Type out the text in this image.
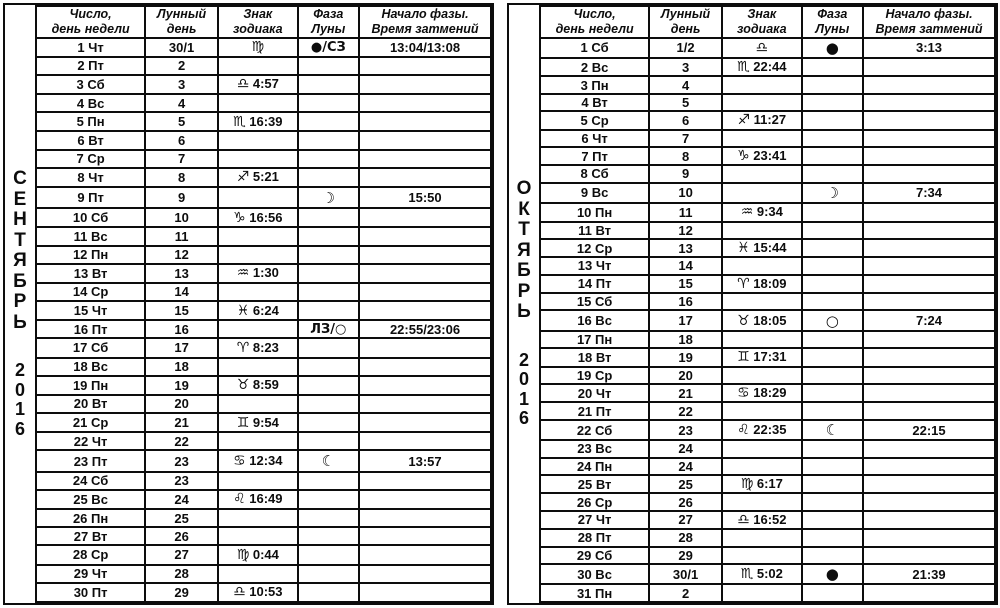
С
Е
Н
Т
Я
Б
Р
Ь
2
0
1
6
Число,
день недели

Лунный
день

Знак
зодиака

Фаза
Луны

Начало фазы.
Время затмений

1 Чт	30/1	♍	●/СЗ	13:04/13:08
2 Пт	2			
3 Сб	3	♎ 4:57		
4 Вс	4			
5 Пн	5	♏ 16:39		
6 Вт	6			
7 Ср	7			
8 Чт	8	♐ 5:21		
9 Пт	9		☽	15:50
10 Сб	10	♑ 16:56		
11 Вс	11			
12 Пн	12			
13 Вт	13	♒ 1:30		
14 Ср	14			
15 Чт	15	♓ 6:24		
16 Пт	16		ЛЗ/○	22:55/23:06
17 Сб	17	♈ 8:23		
18 Вс	18			
19 Пн	19	♉ 8:59		
20 Вт	20			
21 Ср	21	♊ 9:54		
22 Чт	22			
23 Пт	23	♋ 12:34	☾	13:57
24 Сб	23			
25 Вс	24	♌ 16:49		
26 Пн	25			
27 Вт	26			
28 Ср	27	♍ 0:44		
29 Чт	28			
30 Пт	29	♎ 10:53		
О
К
Т
Я
Б
Р
Ь
2
0
1
6
Число,
день недели

Лунный
день

Знак
зодиака

Фаза
Луны

Начало фазы.
Время затмений

1 Сб	1/2	♎	●	3:13
2 Вс	3	♏ 22:44		
3 Пн	4			
4 Вт	5			
5 Ср	6	♐ 11:27		
6 Чт	7			
7 Пт	8	♑ 23:41		
8 Сб	9			
9 Вс	10		☽	7:34
10 Пн	11	♒ 9:34		
11 Вт	12			
12 Ср	13	♓ 15:44		
13 Чт	14			
14 Пт	15	♈ 18:09		
15 Сб	16			
16 Вс	17	♉ 18:05	○	7:24
17 Пн	18			
18 Вт	19	♊ 17:31		
19 Ср	20			
20 Чт	21	♋ 18:29		
21 Пт	22			
22 Сб	23	♌ 22:35	☾	22:15
23 Вс	24			
24 Пн	24			
25 Вт	25	♍ 6:17		
26 Ср	26			
27 Чт	27	♎ 16:52		
28 Пт	28			
29 Сб	29			
30 Вс	30/1	♏ 5:02	●	21:39
31 Пн	2			
